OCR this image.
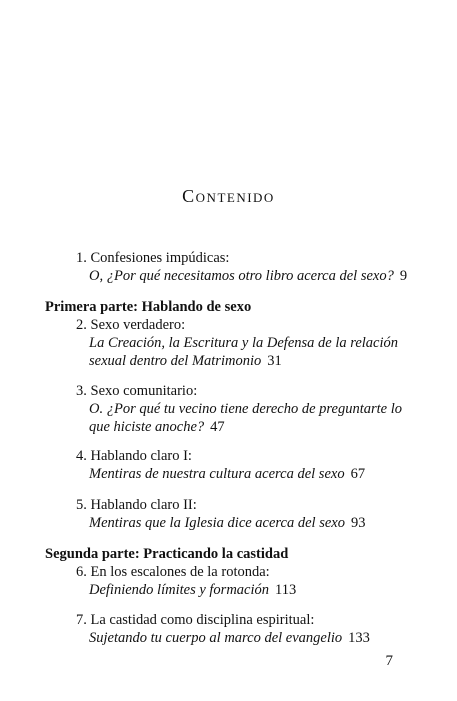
Contenido
1. Confesiones impúdicas:
O, ¿Por qué necesitamos otro libro acerca del sexo? 9
Primera parte: Hablando de sexo
2. Sexo verdadero:
La Creación, la Escritura y la Defensa de la relación
sexual dentro del Matrimonio 31
3. Sexo comunitario:
O. ¿Por qué tu vecino tiene derecho de preguntarte lo
que hiciste anoche? 47
4. Hablando claro I:
Mentiras de nuestra cultura acerca del sexo 67
5. Hablando claro II:
Mentiras que la Iglesia dice acerca del sexo 93
Segunda parte: Practicando la castidad
6. En los escalones de la rotonda:
Definiendo límites y formación 113
7. La castidad como disciplina espiritual:
Sujetando tu cuerpo al marco del evangelio 133
7
